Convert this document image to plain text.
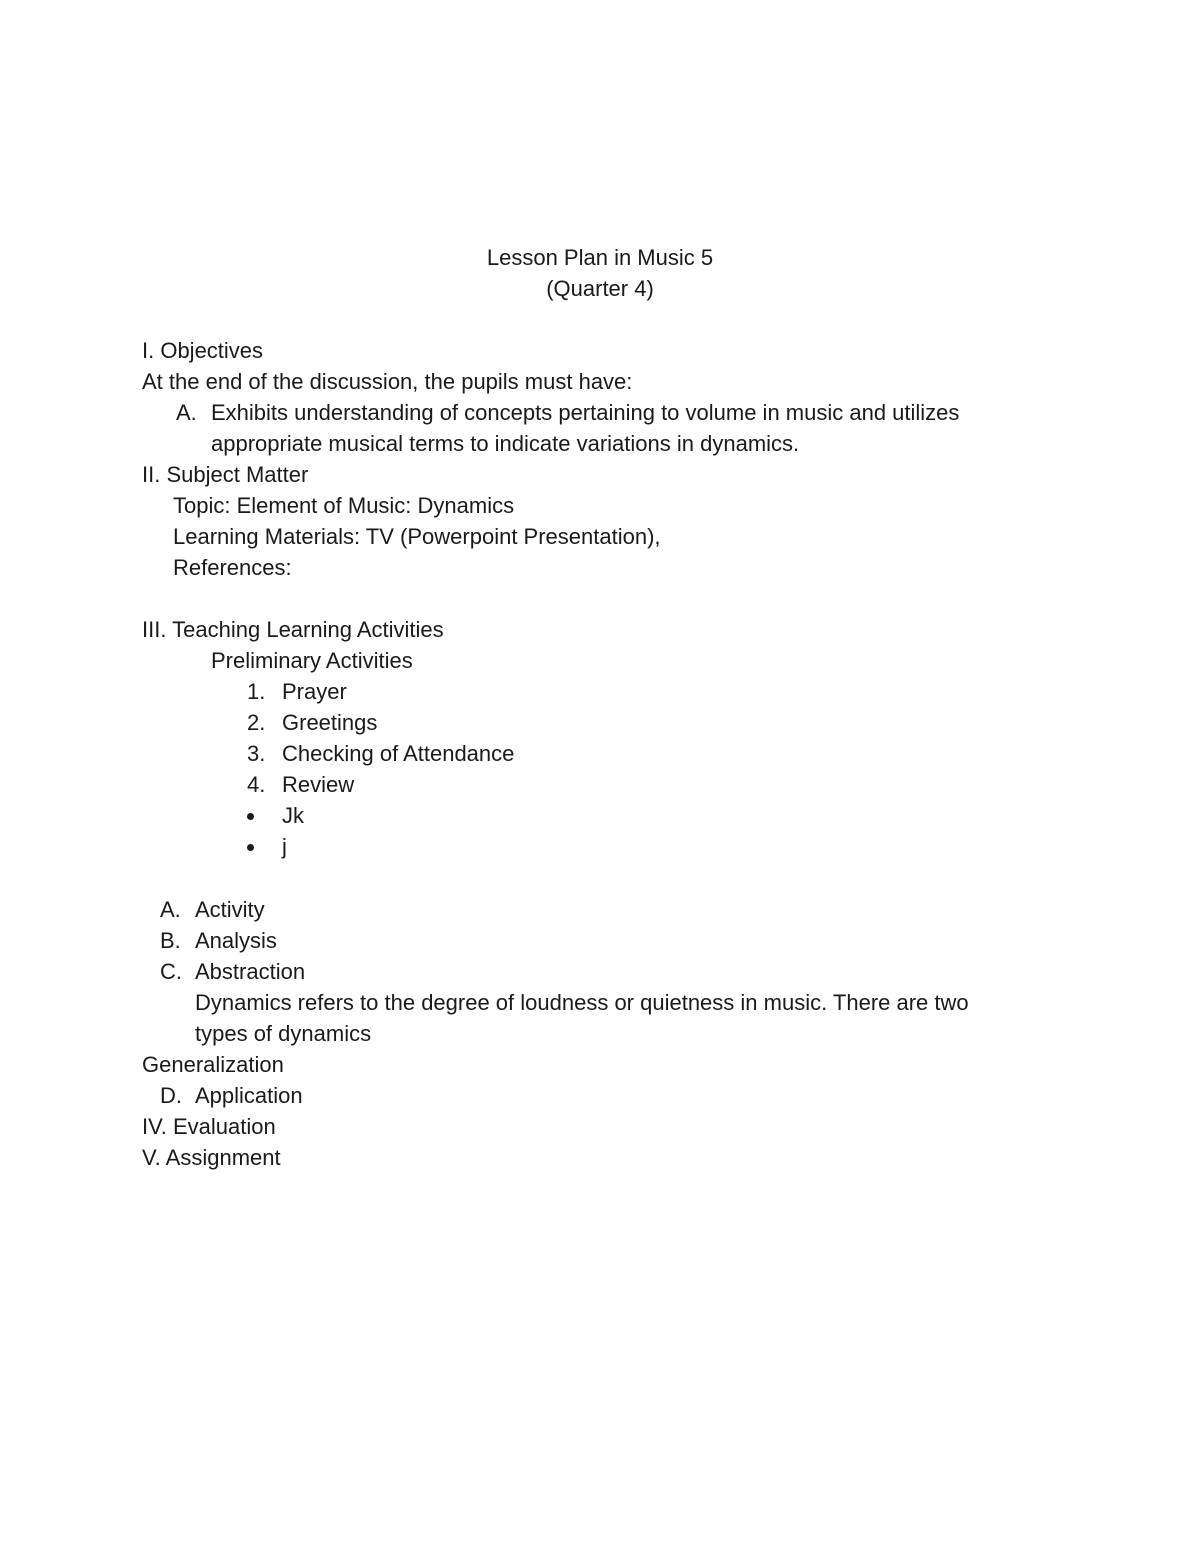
Lesson Plan in Music 5
(Quarter 4)
I. Objectives
At the end of the discussion, the pupils must have:
A. Exhibits understanding of concepts pertaining to volume in music and utilizes
appropriate musical terms to indicate variations in dynamics.
II. Subject Matter
Topic: Element of Music: Dynamics
Learning Materials: TV (Powerpoint Presentation),
References:
III. Teaching Learning Activities
Preliminary Activities
1. Prayer
2. Greetings
3. Checking of Attendance
4. Review
Jk
j
A. Activity
B. Analysis
C. Abstraction
Dynamics refers to the degree of loudness or quietness in music. There are two
types of dynamics
Generalization
D. Application
IV. Evaluation
V. Assignment
